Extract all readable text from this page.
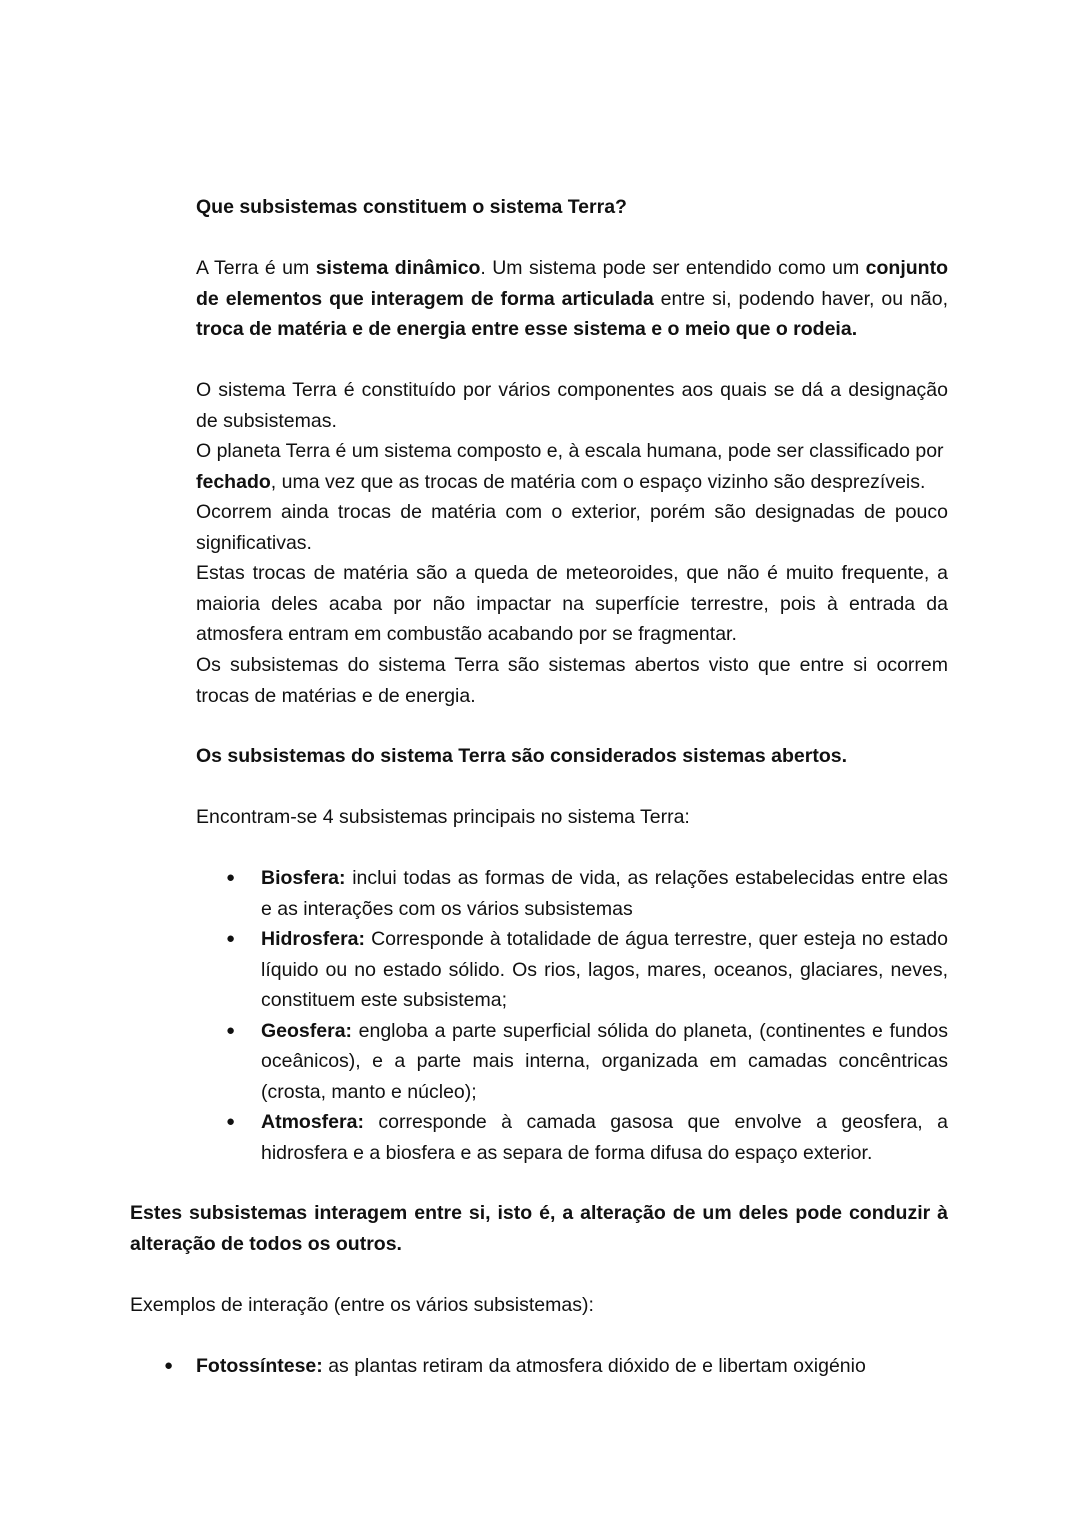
Que subsistemas constituem o sistema Terra?

A Terra é um sistema dinâmico. Um sistema pode ser entendido como um conjunto de elementos que interagem de forma articulada entre si, podendo haver, ou não, troca de matéria e de energia entre esse sistema e o meio que o rodeia.

O sistema Terra é constituído por vários componentes aos quais se dá a designação de subsistemas.

O planeta Terra é um sistema composto e, à escala humana, pode ser classificado por fechado, uma vez que as trocas de matéria com o espaço vizinho são desprezíveis.

Ocorrem ainda trocas de matéria com o exterior, porém são designadas de pouco significativas.

Estas trocas de matéria são a queda de meteoroides, que não é muito frequente, a maioria deles acaba por não impactar na superfície terrestre, pois à entrada da atmosfera entram em combustão acabando por se fragmentar.

Os subsistemas do sistema Terra são sistemas abertos visto que entre si ocorrem trocas de matérias e de energia.

Os subsistemas do sistema Terra são considerados sistemas abertos.

Encontram-se 4 subsistemas principais no sistema Terra:

● Biosfera: inclui todas as formas de vida, as relações estabelecidas entre elas e as interações com os vários subsistemas
● Hidrosfera: Corresponde à totalidade de água terrestre, quer esteja no estado líquido ou no estado sólido. Os rios, lagos, mares, oceanos, glaciares, neves, constituem este subsistema;
● Geosfera: engloba a parte superficial sólida do planeta, (continentes e fundos oceânicos), e a parte mais interna, organizada em camadas concêntricas (crosta, manto e núcleo);
● Atmosfera: corresponde à camada gasosa que envolve a geosfera, a hidrosfera e a biosfera e as separa de forma difusa do espaço exterior.

Estes subsistemas interagem entre si, isto é, a alteração de um deles pode conduzir à alteração de todos os outros.

Exemplos de interação (entre os vários subsistemas):

● Fotossíntese: as plantas retiram da atmosfera dióxido de e libertam oxigénio
